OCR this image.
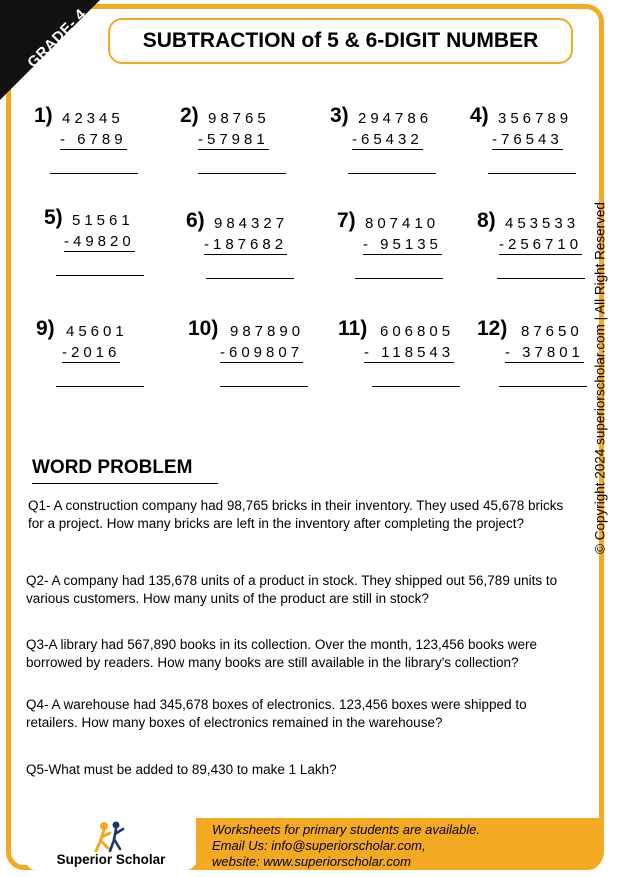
GRADE- 4	SUBTRACTION of 5 & 6-DIGIT NUMBER
1) 42345
- 6789
2) 98765
-57981
3) 294786
-65432
4) 356789
-76543
5) 51561
-49820
6) 984327
-187682
7) 807410
- 95135
8) 453533
-256710
9) 45601
-2016
10) 987890
-609807
11) 606805
- 118543
12) 87650
- 37801
WORD PROBLEM
Q1- A construction company had 98,765 bricks in their inventory. They used 45,678 bricks for a project. How many bricks are left in the inventory after completing the project?
Q2- A company had 135,678 units of a product in stock. They shipped out 56,789 units to various customers. How many units of the product are still in stock?
Q3-A library had 567,890 books in its collection. Over the month, 123,456 books were borrowed by readers. How many books are still available in the library's collection?
Q4- A warehouse had 345,678 boxes of electronics. 123,456 boxes were shipped to retailers. How many boxes of electronics remained in the warehouse?
Q5-What must be added to 89,430 to make 1 Lakh?
© Copyright 2024 superiorscholar.com | All Right Reserved
Worksheets for primary students are available.
Email Us: info@superiorscholar.com,
website: www.superiorscholar.com
Superior Scholar
